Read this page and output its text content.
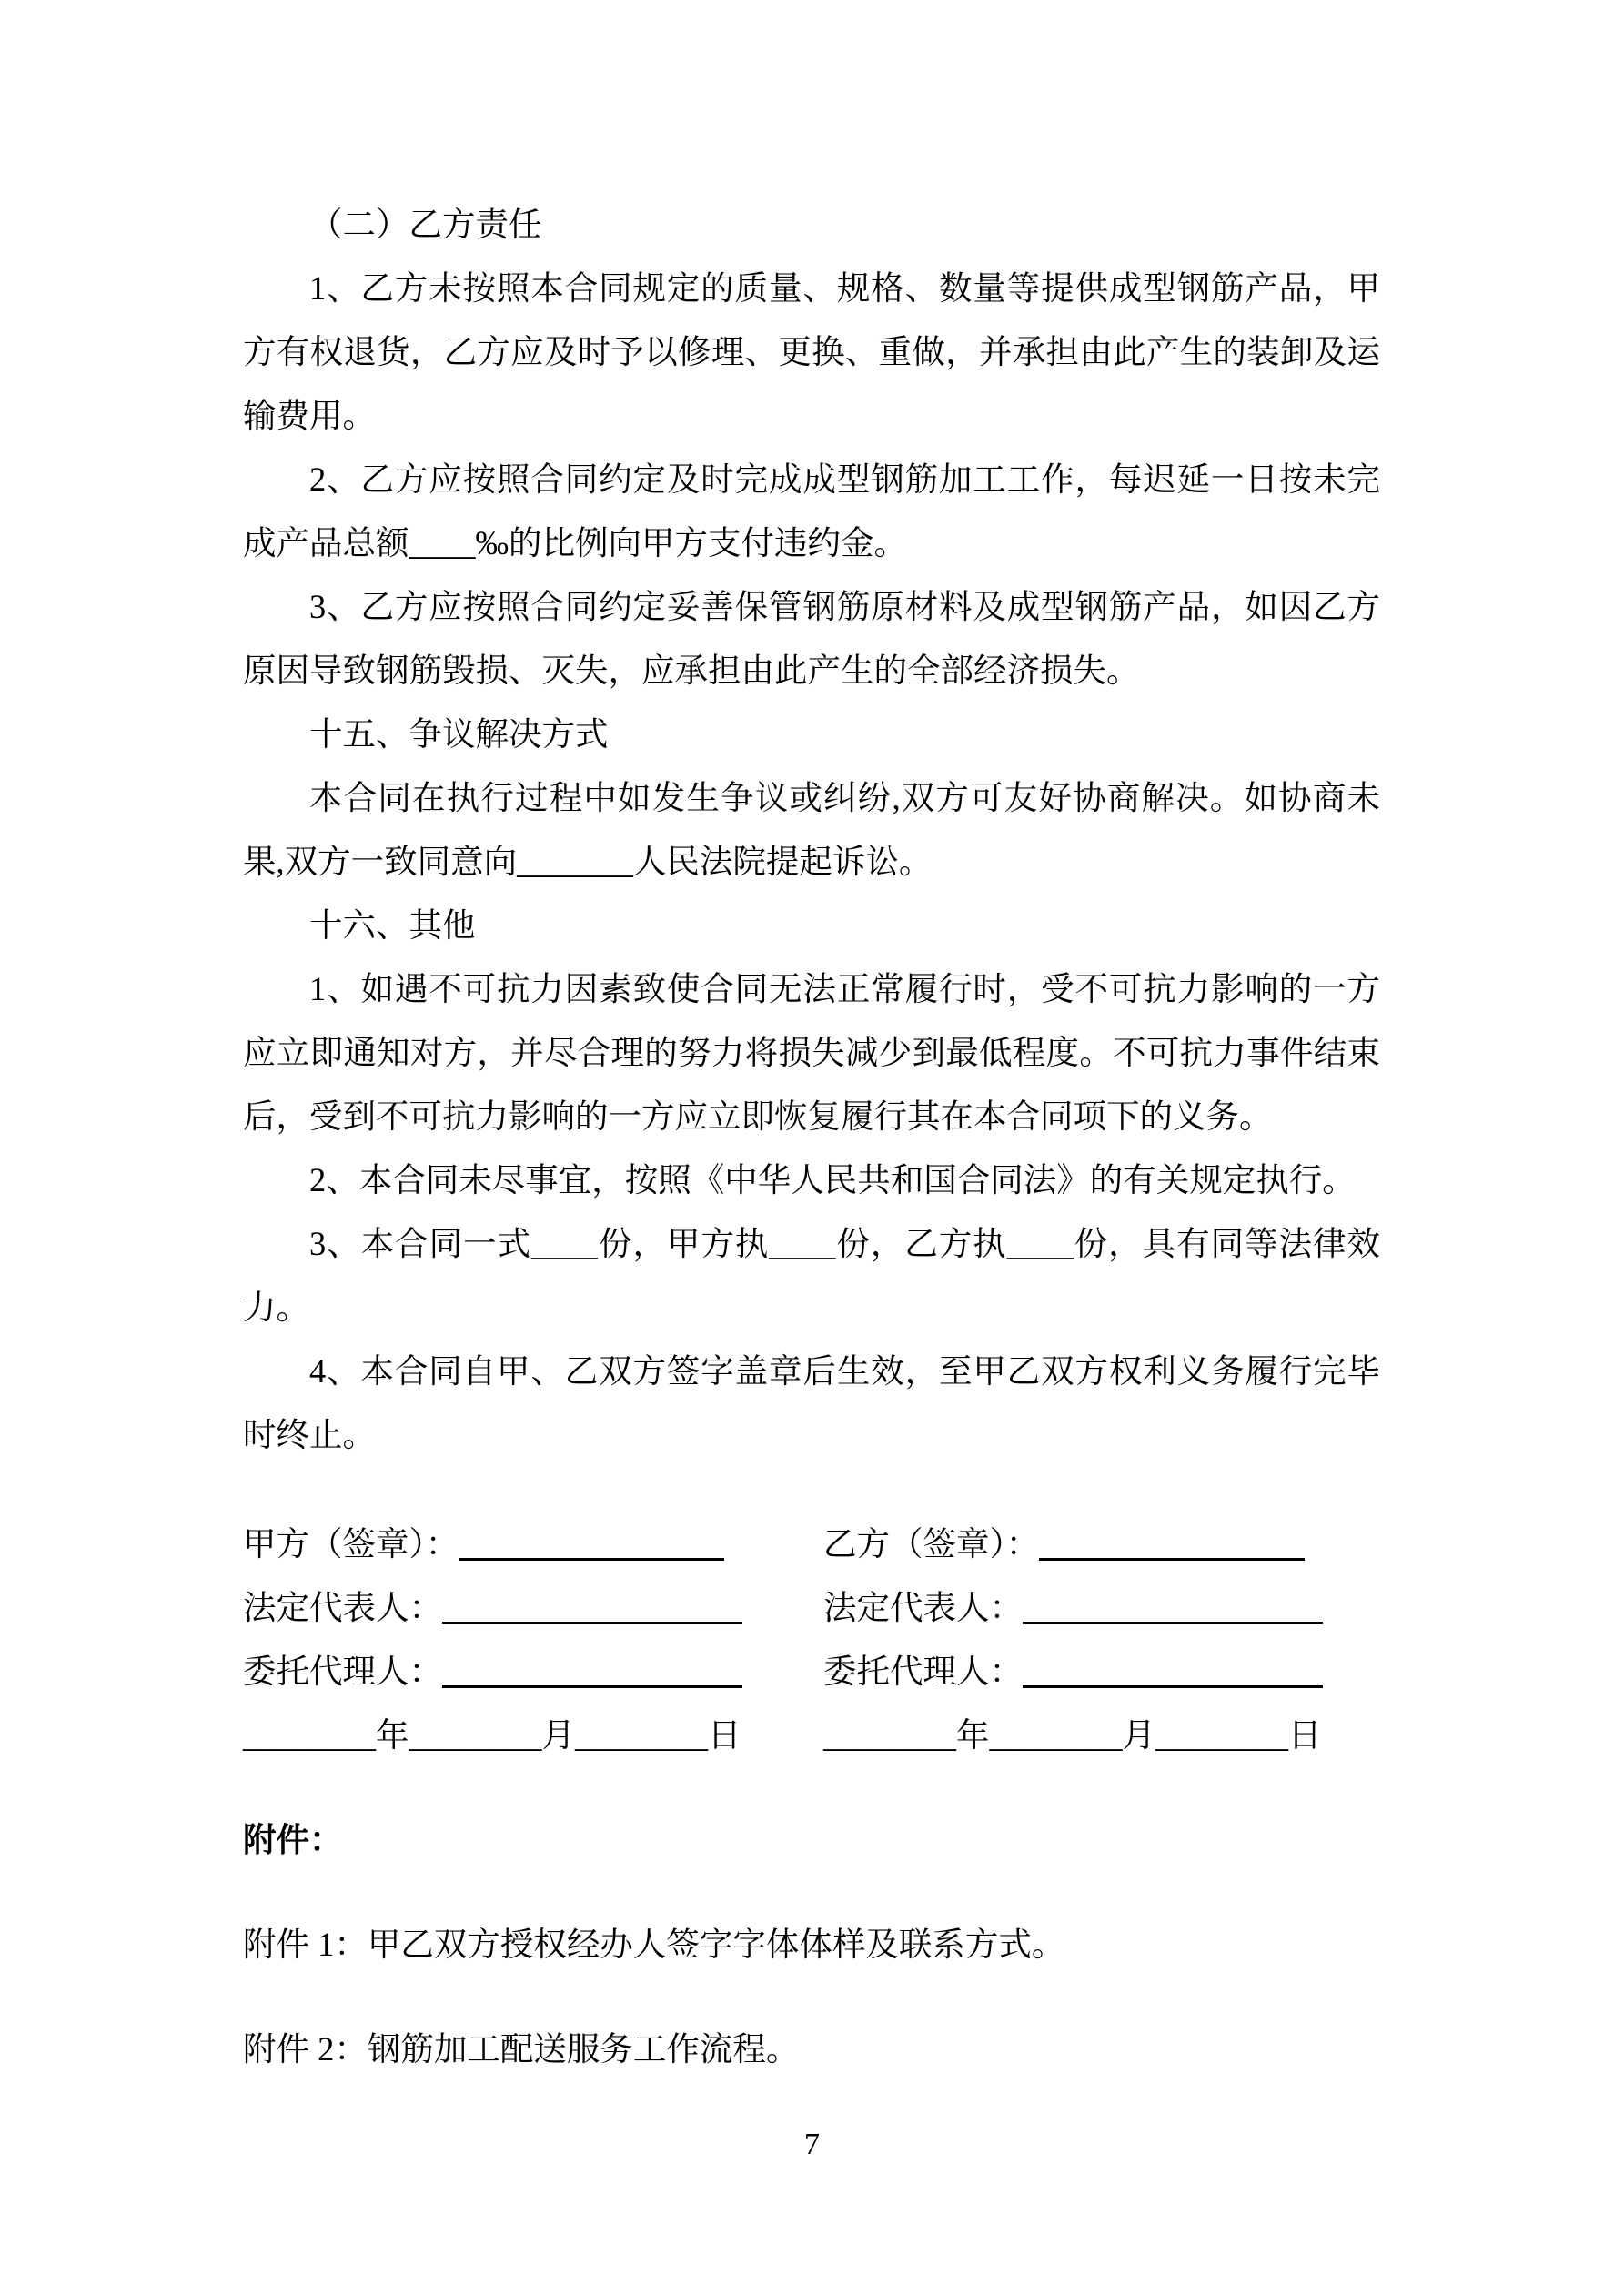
（二）乙方责任

1、乙方未按照本合同规定的质量、规格、数量等提供成型钢筋产品，甲方有权退货，乙方应及时予以修理、更换、重做，并承担由此产生的装卸及运输费用。

2、乙方应按照合同约定及时完成成型钢筋加工工作，每迟延一日按未完成产品总额____‰的比例向甲方支付违约金。

3、乙方应按照合同约定妥善保管钢筋原材料及成型钢筋产品，如因乙方原因导致钢筋毁损、灭失，应承担由此产生的全部经济损失。

十五、争议解决方式

本合同在执行过程中如发生争议或纠纷,双方可友好协商解决。如协商未果,双方一致同意向_______人民法院提起诉讼。

十六、其他

1、如遇不可抗力因素致使合同无法正常履行时，受不可抗力影响的一方应立即通知对方，并尽合理的努力将损失减少到最低程度。不可抗力事件结束后，受到不可抗力影响的一方应立即恢复履行其在本合同项下的义务。

2、本合同未尽事宜，按照《中华人民共和国合同法》的有关规定执行。

3、本合同一式____份，甲方执____份，乙方执____份，具有同等法律效力。

4、本合同自甲、乙双方签字盖章后生效，至甲乙双方权利义务履行完毕时终止。

甲方（签章）：	乙方（签章）：
法定代表人：	法定代表人：
委托代理人：	委托代理人：
________年________月________日	________年________月________日

附件：

附件 1：甲乙双方授权经办人签字字体体样及联系方式。

附件 2：钢筋加工配送服务工作流程。

7
